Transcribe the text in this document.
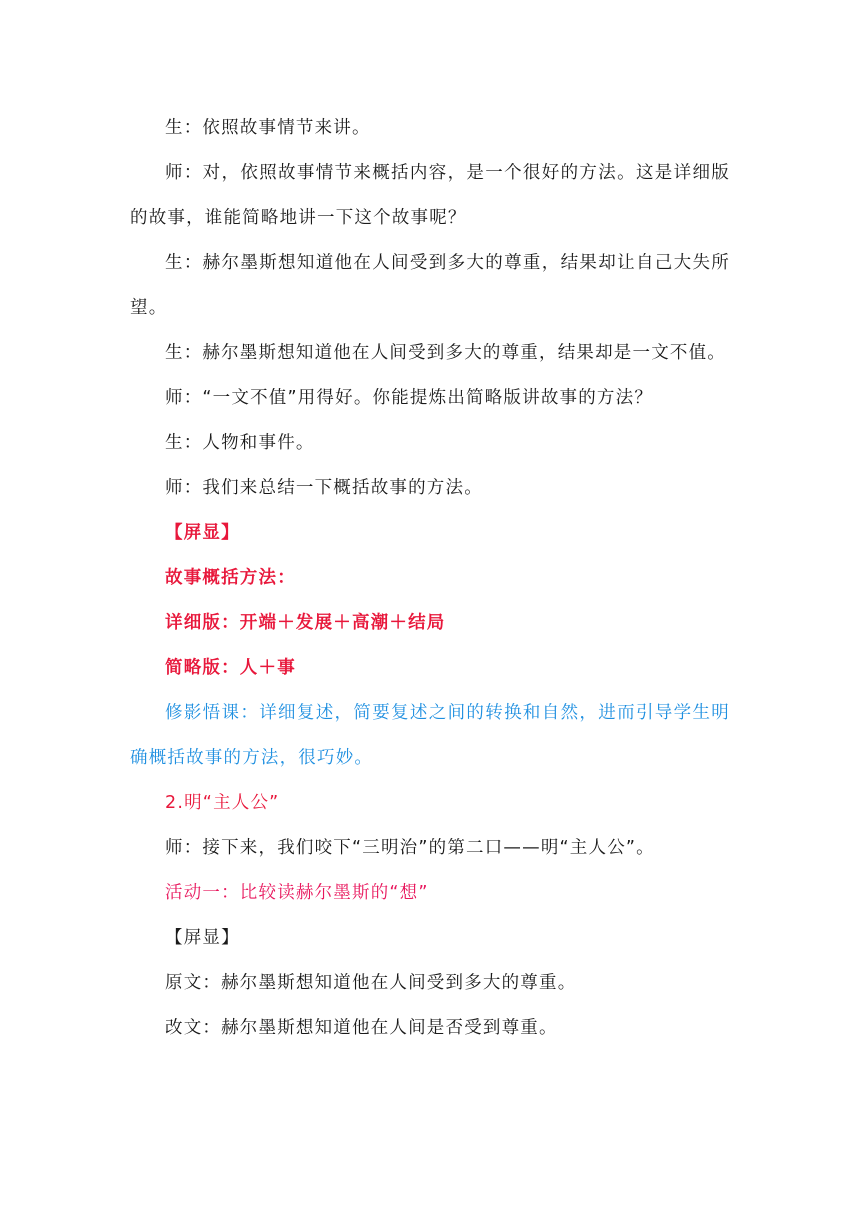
生：依照故事情节来讲。

师：对，依照故事情节来概括内容，是一个很好的方法。这是详细版的故事，谁能简略地讲一下这个故事呢？

生：赫尔墨斯想知道他在人间受到多大的尊重，结果却让自己大失所望。

生：赫尔墨斯想知道他在人间受到多大的尊重，结果却是一文不值。

师：“一文不值”用得好。你能提炼出简略版讲故事的方法？

生：人物和事件。

师：我们来总结一下概括故事的方法。

【屏显】

故事概括方法：

详细版：开端＋发展＋高潮＋结局

简略版：人＋事

修影悟课：详细复述，简要复述之间的转换和自然，进而引导学生明确概括故事的方法，很巧妙。

2.明“主人公”

师：接下来，我们咬下“三明治”的第二口——明“主人公”。

活动一：比较读赫尔墨斯的“想”

【屏显】

原文：赫尔墨斯想知道他在人间受到多大的尊重。

改文：赫尔墨斯想知道他在人间是否受到尊重。
